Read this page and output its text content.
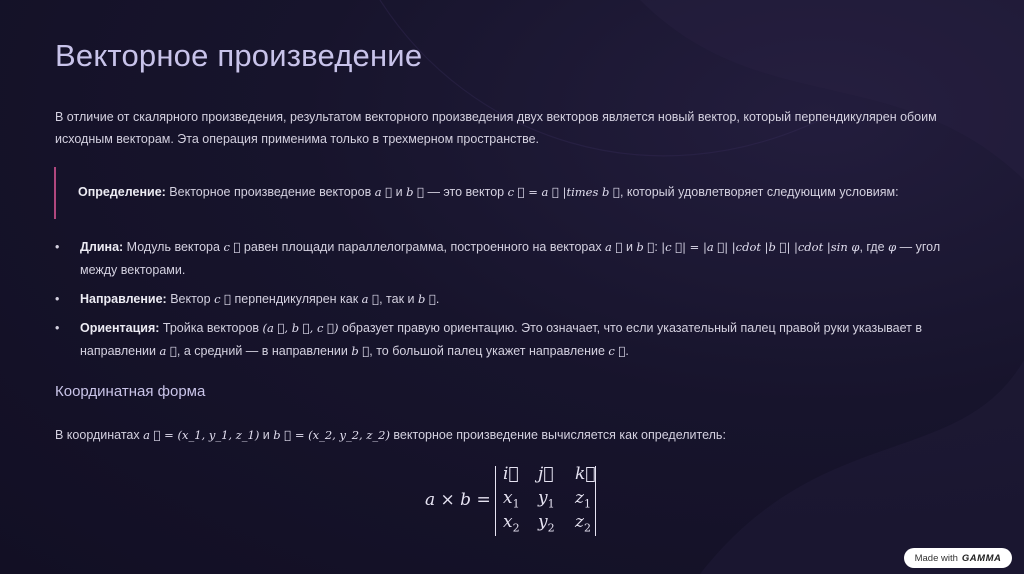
Векторное произведение

В отличие от скалярного произведения, результатом векторного произведения двух векторов является новый вектор, который перпендикулярен обоим исходным векторам. Эта операция применима только в трехмерном пространстве.

Определение: Векторное произведение векторов a ⃗ и b ⃗ — это вектор c ⃗ = a ⃗ |times b ⃗, который удовлетворяет следующим условиям:

• Длина: Модуль вектора c ⃗ равен площади параллелограмма, построенного на векторах a ⃗ и b ⃗: |c ⃗| = |a ⃗| |cdot |b ⃗| |cdot |sin φ, где φ — угол между векторами.
• Направление: Вектор c ⃗ перпендикулярен как a ⃗, так и b ⃗.
• Ориентация: Тройка векторов (a ⃗, b ⃗, c ⃗) образует правую ориентацию. Это означает, что если указательный палец правой руки указывает в направлении a ⃗, а средний — в направлении b ⃗, то большой палец укажет направление c ⃗.
Координатная форма

В координатах a ⃗ = (x_1, y_1, z_1) и b ⃗ = (x_2, y_2, z_2) векторное произведение вычисляется как определитель:

a × b =
i⃗ j⃗ k⃗
$x_1$ $y_1$ $z_1$
$x_2$ $y_2$ $z_2$
Made with GAMMA
